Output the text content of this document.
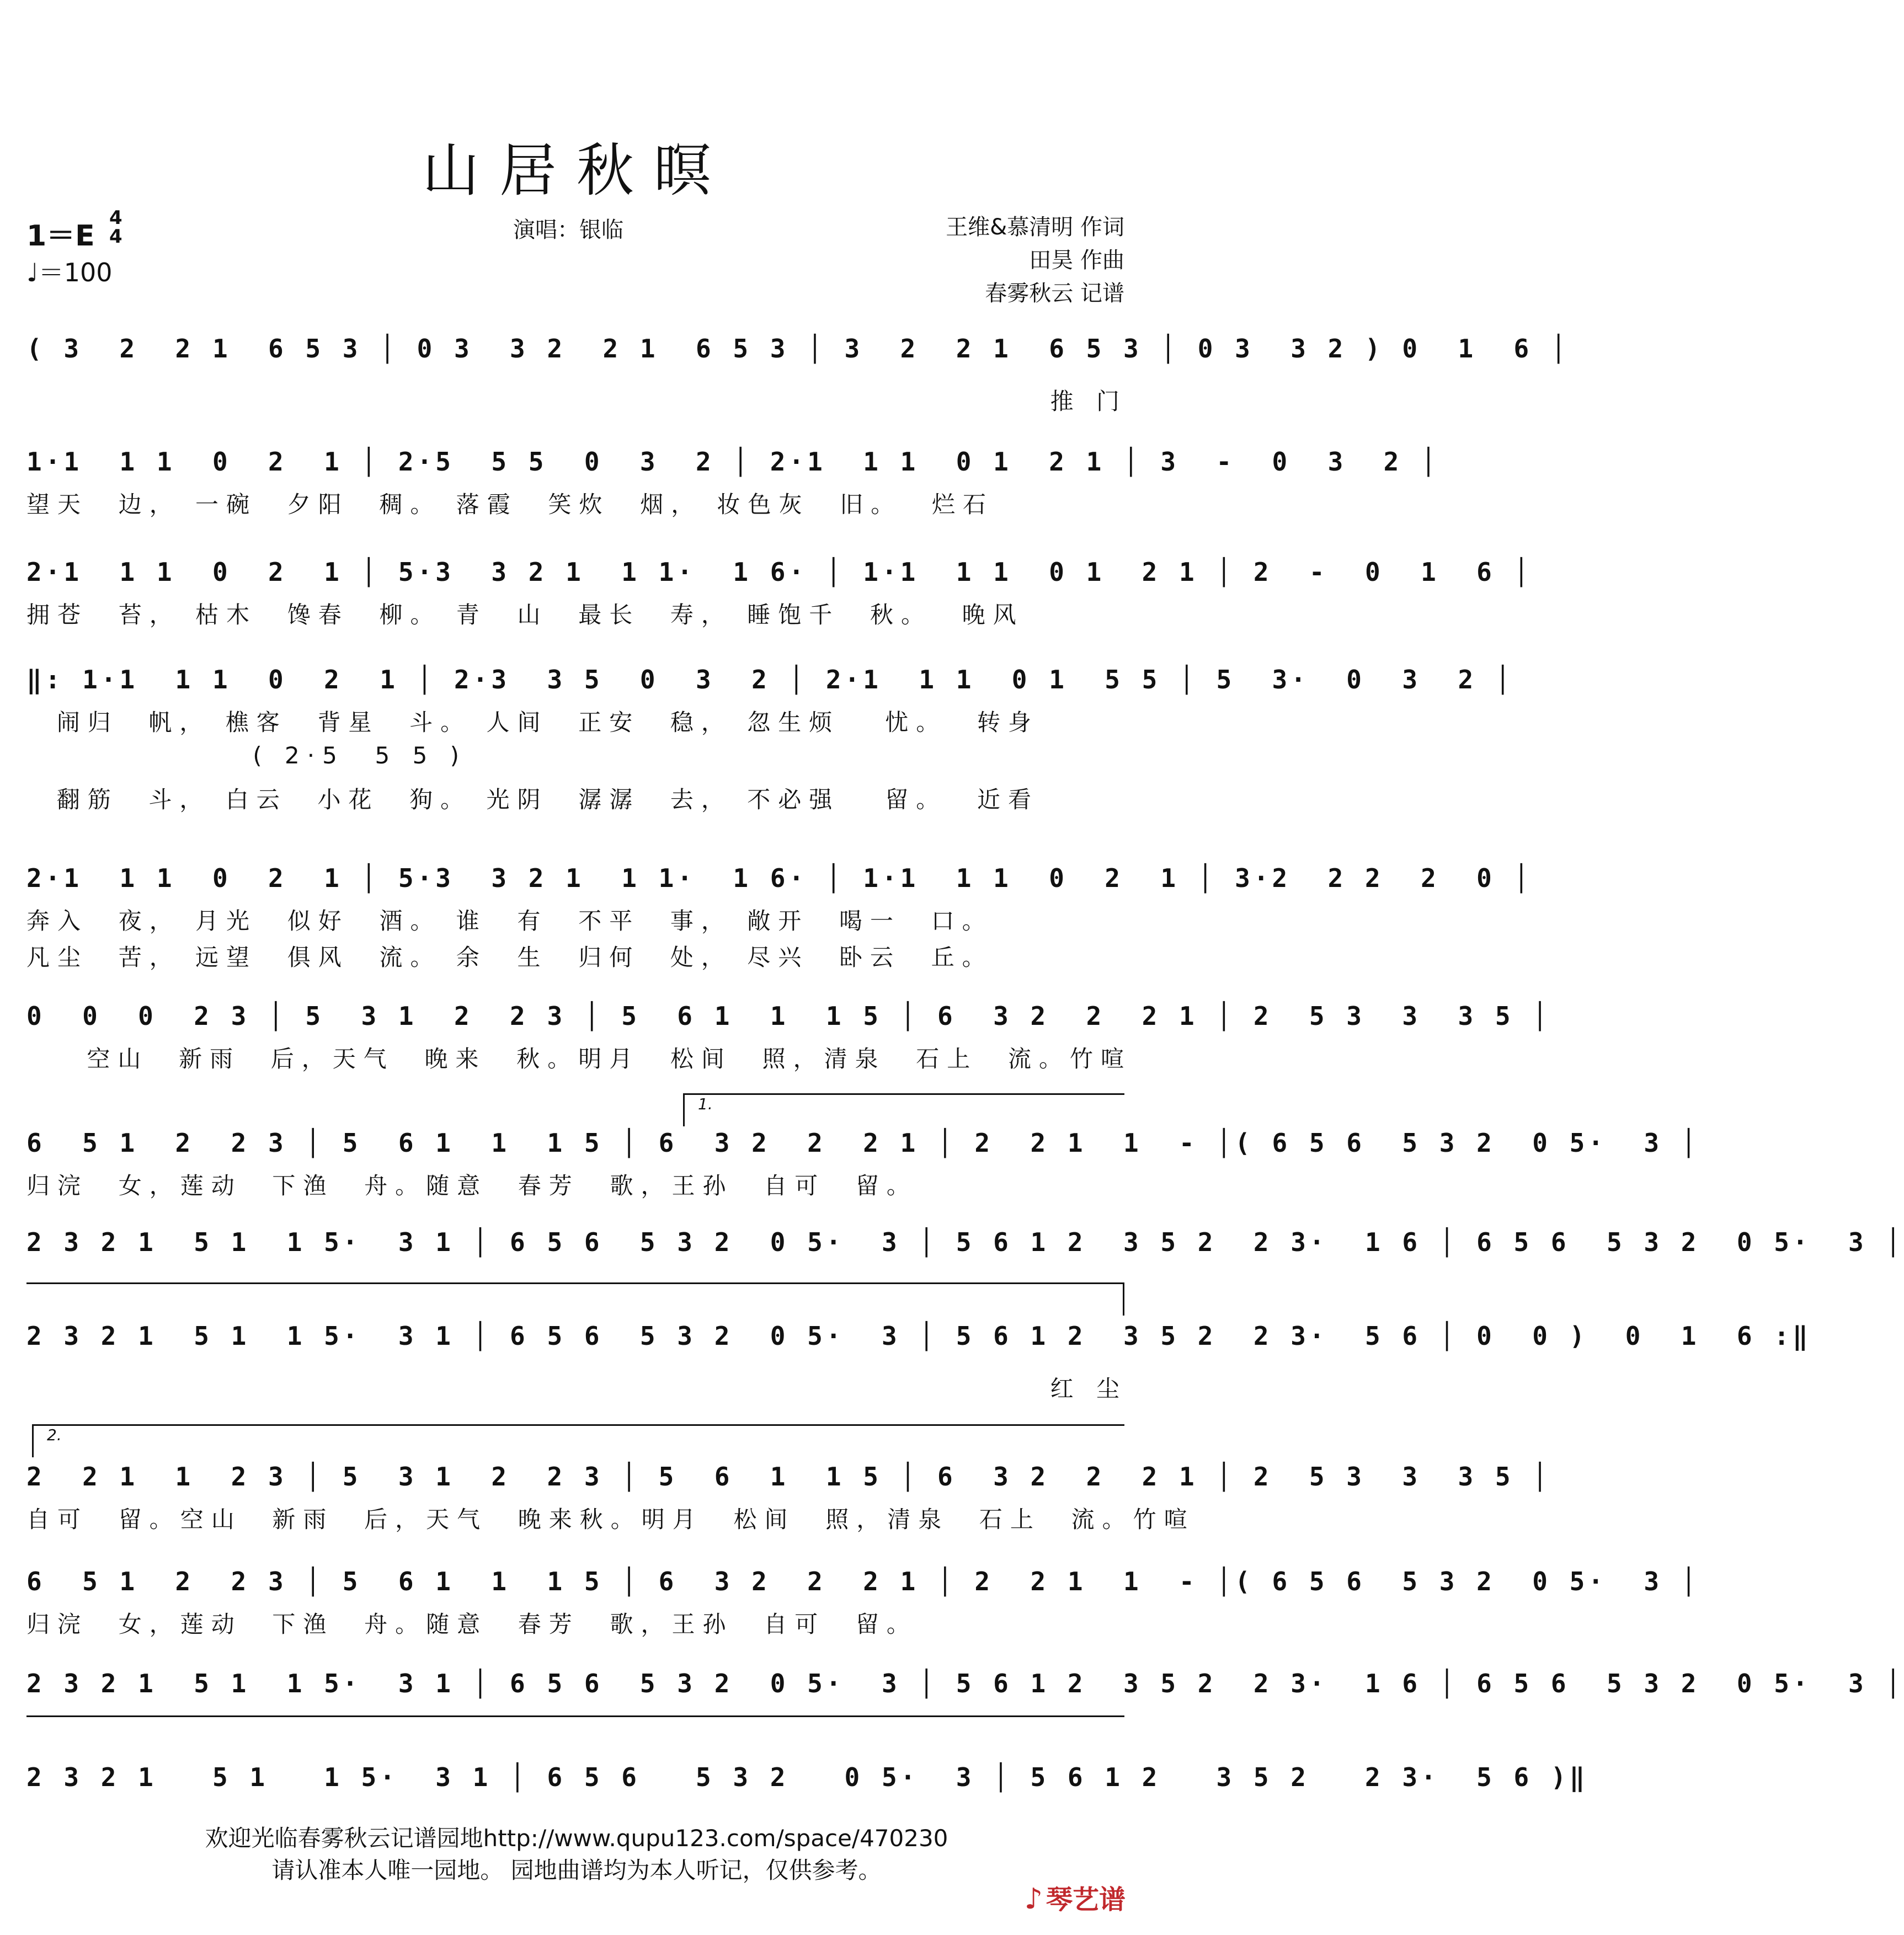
山居秋暝
1＝E
4
4
♩＝100
演唱：银临	王维&慕清明 作词
田昊 作曲
春雾秋云 记谱
( 3  2  2 1  6 5 3 │ 0 3  3 2  2 1  6 5 3 │ 3  2  2 1  6 5 3 │ 0 3  3 2 ) 0  1  6 │
推 门
1·1  1 1  0  2  1 │ 2·5  5 5  0  3  2 │ 2·1  1 1  0 1  2 1 │ 3  -  0  3  2 │
望天  边， 一碗  夕阳  稠。 落霞  笑炊  烟， 妆色灰  旧。  烂石
2·1  1 1  0  2  1 │ 5·3  3 2 1  1 1·  1 6· │ 1·1  1 1  0 1  2 1 │ 2  -  0  1  6 │
拥苍  苔， 枯木  馋春  柳。 青  山  最长  寿， 睡饱千  秋。  晚风
‖: 1·1  1 1  0  2  1 │ 2·3  3 5  0  3  2 │ 2·1  1 1  0 1  5 5 │ 5  3·  0  3  2 │
闹归  帆， 樵客  背星  斗。 人间  正安  稳， 忽生烦   忧。  转身
( 2·5  5 5 )
翻筋  斗， 白云  小花  狗。 光阴  潺潺  去， 不必强   留。  近看
2·1  1 1  0  2  1 │ 5·3  3 2 1  1 1·  1 6· │ 1·1  1 1  0  2  1 │ 3·2  2 2  2  0 │
奔入  夜， 月光  似好  酒。 谁  有  不平  事， 敞开  喝一  口。
凡尘  苦， 远望  俱风  流。 余  生  归何  处， 尽兴  卧云  丘。
0  0  0  2 3 │ 5  3 1  2  2 3 │ 5  6 1  1  1 5 │ 6  3 2  2  2 1 │ 2  5 3  3  3 5 │
空山  新雨  后，天气  晚来  秋。明月  松间  照，清泉  石上  流。竹喧
6  5 1  2  2 3 │ 5  6 1  1  1 5 │ 6  3 2  2  2 1 │ 2  2 1  1  - │( 6 5 6  5 3 2  0 5·  3 │
归浣  女，莲动  下渔  舟。随意  春芳  歌，王孙  自可  留。
2 3 2 1  5 1  1 5·  3 1 │ 6 5 6  5 3 2  0 5·  3 │ 5 6 1 2  3 5 2  2 3·  1 6 │ 6 5 6  5 3 2  0 5·  3 │
2 3 2 1  5 1  1 5·  3 1 │ 6 5 6  5 3 2  0 5·  3 │ 5 6 1 2  3 5 2  2 3·  5 6 │ 0  0 )  0  1  6 :‖
红 尘
2  2 1  1  2 3 │ 5  3 1  2  2 3 │ 5  6  1  1 5 │ 6  3 2  2  2 1 │ 2  5 3  3  3 5 │
自可  留。空山  新雨  后，天气  晚来秋。明月  松间  照，清泉  石上  流。竹喧
6  5 1  2  2 3 │ 5  6 1  1  1 5 │ 6  3 2  2  2 1 │ 2  2 1  1  - │( 6 5 6  5 3 2  0 5·  3 │
归浣  女，莲动  下渔  舟。随意  春芳  歌，王孙  自可  留。
2 3 2 1  5 1  1 5·  3 1 │ 6 5 6  5 3 2  0 5·  3 │ 5 6 1 2  3 5 2  2 3·  1 6 │ 6 5 6  5 3 2  0 5·  3 │
2 3 2 1   5 1   1 5·  3 1 │ 6 5 6   5 3 2   0 5·  3 │ 5 6 1 2   3 5 2   2 3·  5 6 )‖
1.
2.
欢迎光临春雾秋云记谱园地http://www.qupu123.com/space/470230
请认准本人唯一园地。 园地曲谱均为本人听记，仅供参考。
♪ 琴艺谱
